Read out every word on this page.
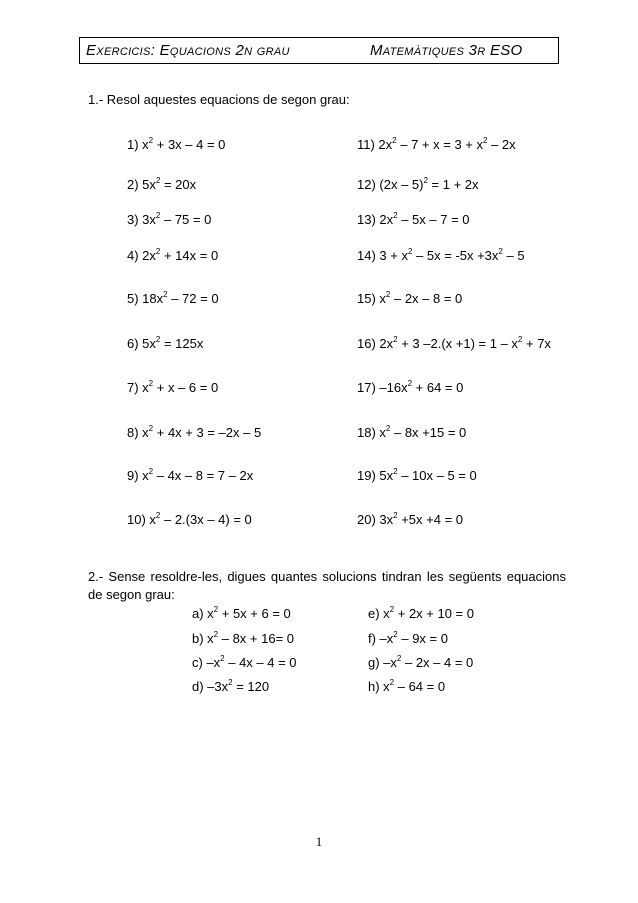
Exercicis: Equacions 2n grau	Matemàtiques 3r ESO
1.- Resol aquestes equacions de segon grau:
1) $x^2 + 3x - 4 = 0$
2) $5x^2 = 20x$
3) $3x^2 - 75 = 0$
4) $2x^2 + 14x = 0$
5) $18x^2 - 72 = 0$
6) $5x^2 = 125x$
7) $x^2 + x - 6 = 0$
8) $x^2 + 4x + 3 = -2x - 5$
9) $x^2 - 4x - 8 = 7 - 2x$
10) $x^2 - 2.(3x - 4) = 0$
11) $2x^2 - 7 + x = 3 + x^2 - 2x$
12) (2x – 5)$^2$ = 1 + 2x
13) $2x^2 - 5x - 7 = 0$
14) $3 + x^2 - 5x = -5x +3x^2 - 5$
15) $x^2 - 2x - 8 = 0$
16) $2x^2 + 3$ $-2.(x +1) = 1 - x^2 + 7x$
17) $-16x^2 + 64 = 0$
18) $x^2 - 8x +15 = 0$
19) $5x^2 - 10x - 5 = 0$
20) $3x^2 +5x +4 = 0$
2.- Sense resoldre-les, digues quantes solucions tindran les següents equacions de segon grau:
a) $x^2 + 5x + 6 = 0$
b) $x^2 - 8x + 16= 0$
c) $-x^2 - 4x - 4 = 0$
d) $-3x^2 = 120$
e) $x^2 + 2x + 10 = 0$
f) $-x^2 - 9x = 0$
g) $-x^2 - 2x - 4 = 0$
h) $x^2 - 64 = 0$
1
